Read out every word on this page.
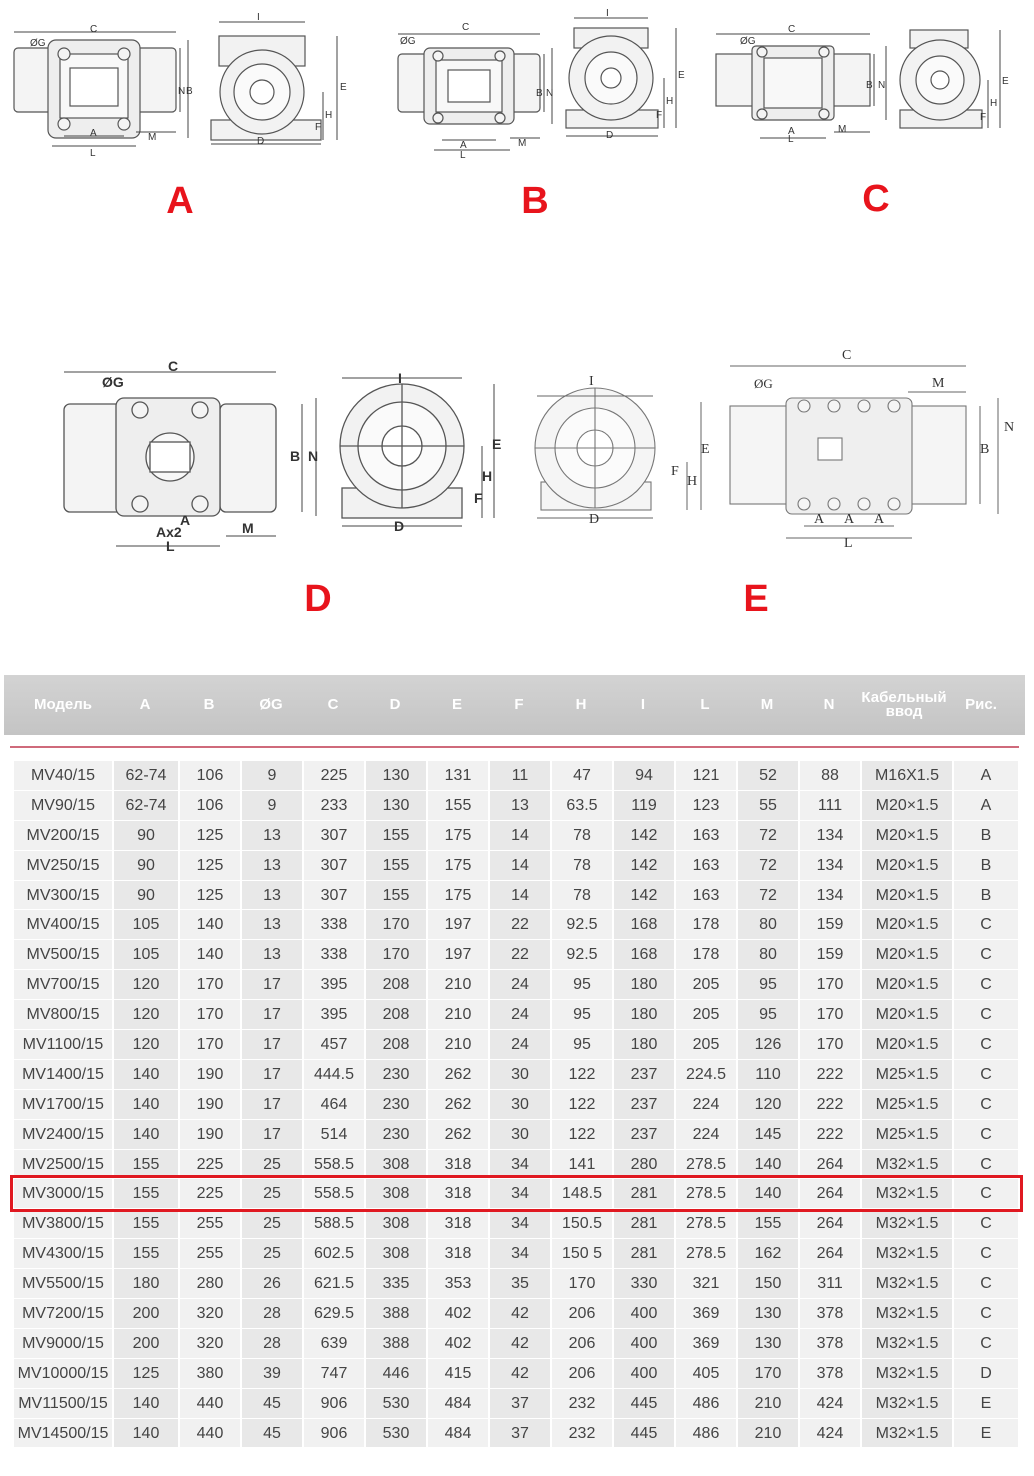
C
ØG
N B
A
L
M
I
E
H
F
D
A
C
ØG
B N
A
L
M
I
E
H
F
D
B
C
ØG
B N
A
L
M
E
H
F
C
C
ØG
B N
A
Ax2
L
M
I
E
H
F
D
D
I
E
F
H
D
C
ØG	M
B
N
A A A
L
E
Модель	A	B	ØG	C	D	E	F	H	I	L	M	N	Кабельный ввод	Рис.
MV40/15	62-74	106	9	225	130	131	11	47	94	121	52	88	M16X1.5	A
MV90/15	62-74	106	9	233	130	155	13	63.5	119	123	55	111	M20×1.5	A
MV200/15	90	125	13	307	155	175	14	78	142	163	72	134	M20×1.5	B
MV250/15	90	125	13	307	155	175	14	78	142	163	72	134	M20×1.5	B
MV300/15	90	125	13	307	155	175	14	78	142	163	72	134	M20×1.5	B
MV400/15	105	140	13	338	170	197	22	92.5	168	178	80	159	M20×1.5	C
MV500/15	105	140	13	338	170	197	22	92.5	168	178	80	159	M20×1.5	C
MV700/15	120	170	17	395	208	210	24	95	180	205	95	170	M20×1.5	C
MV800/15	120	170	17	395	208	210	24	95	180	205	95	170	M20×1.5	C
MV1100/15	120	170	17	457	208	210	24	95	180	205	126	170	M20×1.5	C
MV1400/15	140	190	17	444.5	230	262	30	122	237	224.5	110	222	M25×1.5	C
MV1700/15	140	190	17	464	230	262	30	122	237	224	120	222	M25×1.5	C
MV2400/15	140	190	17	514	230	262	30	122	237	224	145	222	M25×1.5	C
MV2500/15	155	225	25	558.5	308	318	34	141	280	278.5	140	264	M32×1.5	C
MV3000/15	155	225	25	558.5	308	318	34	148.5	281	278.5	140	264	M32×1.5	C
MV3800/15	155	255	25	588.5	308	318	34	150.5	281	278.5	155	264	M32×1.5	C
MV4300/15	155	255	25	602.5	308	318	34	150 5	281	278.5	162	264	M32×1.5	C
MV5500/15	180	280	26	621.5	335	353	35	170	330	321	150	311	M32×1.5	C
MV7200/15	200	320	28	629.5	388	402	42	206	400	369	130	378	M32×1.5	C
MV9000/15	200	320	28	639	388	402	42	206	400	369	130	378	M32×1.5	C
MV10000/15	125	380	39	747	446	415	42	206	400	405	170	378	M32×1.5	D
MV11500/15	140	440	45	906	530	484	37	232	445	486	210	424	M32×1.5	E
MV14500/15	140	440	45	906	530	484	37	232	445	486	210	424	M32×1.5	E
